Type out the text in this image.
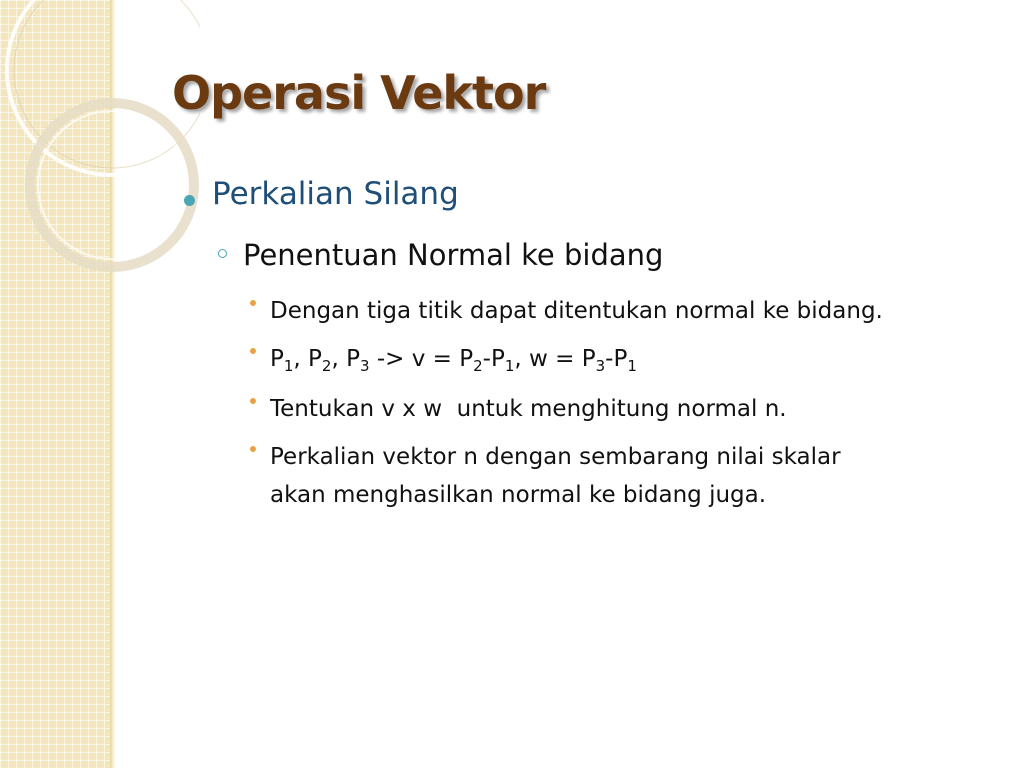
Operasi Vektor
Perkalian Silang
Penentuan Normal ke bidang
Dengan tiga titik dapat ditentukan normal ke bidang.
$P_1$, $P_2$, $P_3 -> v = P_2-P_1$, $w = P_3-P_1$
Tentukan v x w  untuk menghitung normal n.
Perkalian vektor n dengan sembarang nilai skalar
akan menghasilkan normal ke bidang juga.
